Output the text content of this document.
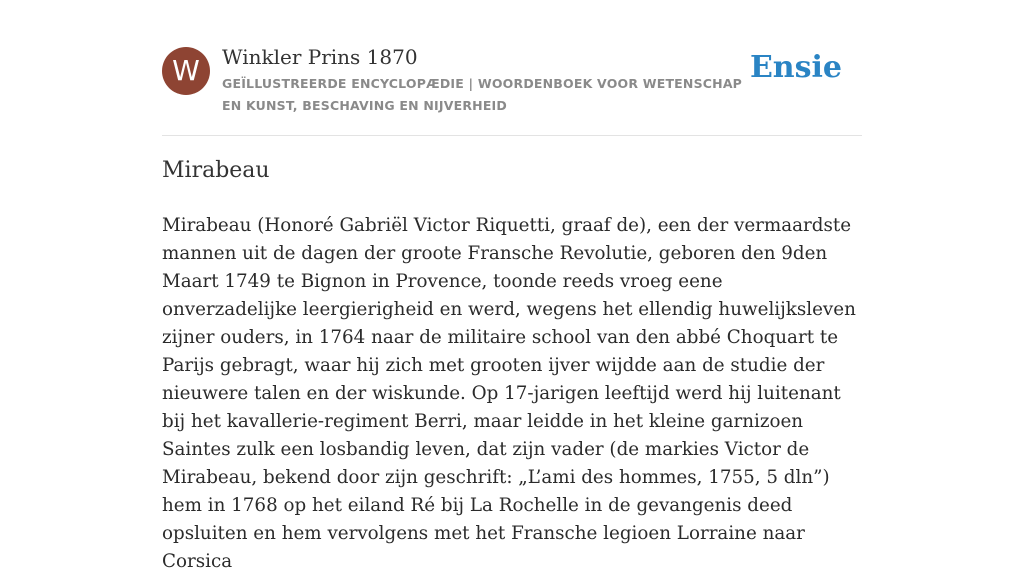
W	Winkler Prins 1870
GEÏLLUSTREERDE ENCYCLOPÆDIE | WOORDENBOEK VOOR WETENSCHAP EN KUNST, BESCHAVING EN NIJVERHEID
Ensie
Mirabeau

Mirabeau (Honoré Gabriël Victor Riquetti, graaf de), een der vermaardste mannen uit de dagen der groote Fransche Revolutie, geboren den 9den Maart 1749 te Bignon in Provence, toonde reeds vroeg eene onverzadelijke leergierigheid en werd, wegens het ellendig huwelijksleven zijner ouders, in 1764 naar de militaire school van den abbé Choquart te Parijs gebragt, waar hij zich met grooten ijver wijdde aan de studie der nieuwere talen en der wiskunde. Op 17-jarigen leeftijd werd hij luitenant bij het kavallerie-regiment Berri, maar leidde in het kleine garnizoen Saintes zulk een losbandig leven, dat zijn vader (de markies Victor de Mirabeau, bekend door zijn geschrift: „L’ami des hommes, 1755, 5 dln”) hem in 1768 op het eiland Ré bij La Rochelle in de gevangenis deed opsluiten en hem vervolgens met het Fransche legioen Lorraine naar Corsica
